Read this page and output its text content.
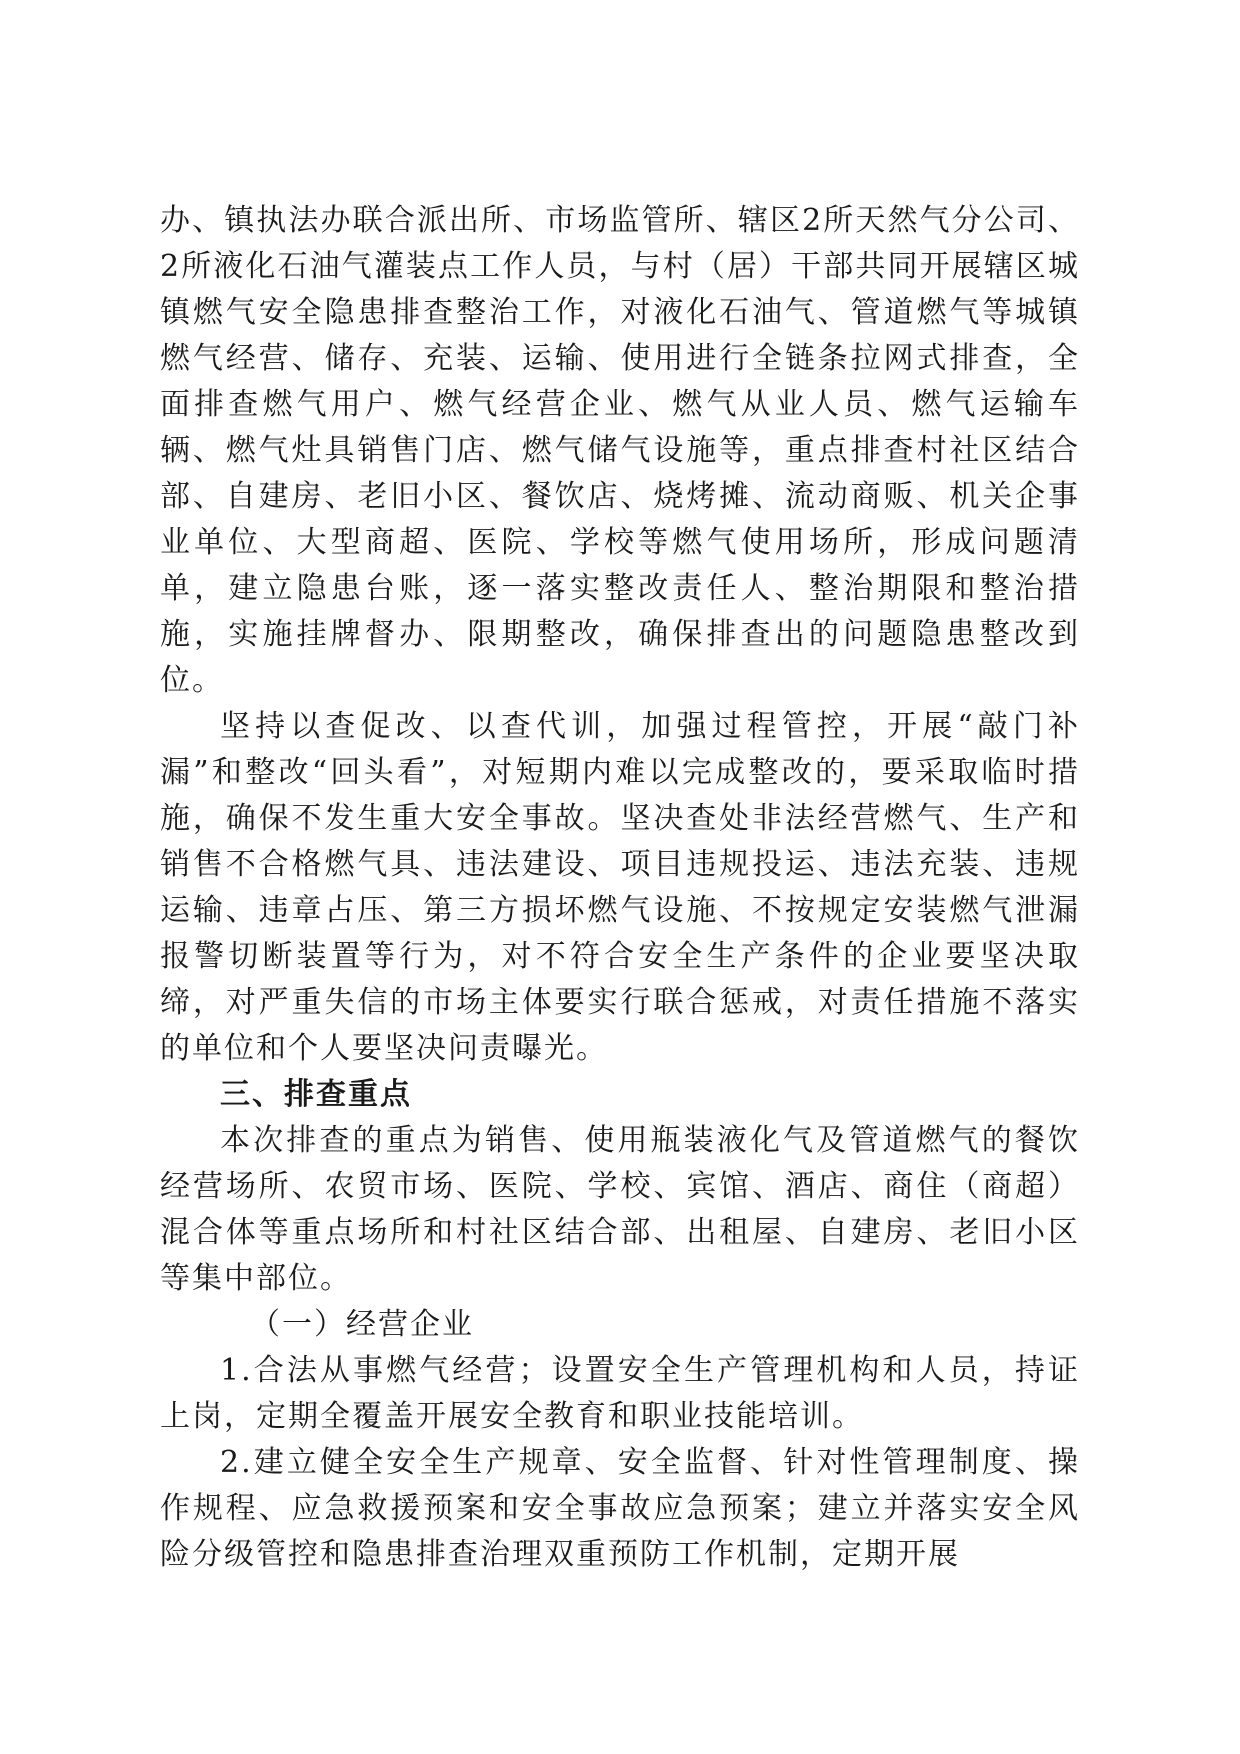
办、镇执法办联合派出所、市场监管所、辖区2所天然气分公司、2所液化石油气灌装点工作人员，与村（居）干部共同开展辖区城镇燃气安全隐患排查整治工作，对液化石油气、管道燃气等城镇燃气经营、储存、充装、运输、使用进行全链条拉网式排查，全面排查燃气用户、燃气经营企业、燃气从业人员、燃气运输车辆、燃气灶具销售门店、燃气储气设施等，重点排查村社区结合部、自建房、老旧小区、餐饮店、烧烤摊、流动商贩、机关企事业单位、大型商超、医院、学校等燃气使用场所，形成问题清单，建立隐患台账，逐一落实整改责任人、整治期限和整治措施，实施挂牌督办、限期整改，确保排查出的问题隐患整改到位。

坚持以查促改、以查代训，加强过程管控，开展“敲门补漏”和整改“回头看”，对短期内难以完成整改的，要采取临时措施，确保不发生重大安全事故。坚决查处非法经营燃气、生产和销售不合格燃气具、违法建设、项目违规投运、违法充装、违规运输、违章占压、第三方损坏燃气设施、不按规定安装燃气泄漏报警切断装置等行为，对不符合安全生产条件的企业要坚决取缔，对严重失信的市场主体要实行联合惩戒，对责任措施不落实的单位和个人要坚决问责曝光。

三、排查重点

本次排查的重点为销售、使用瓶装液化气及管道燃气的餐饮经营场所、农贸市场、医院、学校、宾馆、酒店、商住（商超）混合体等重点场所和村社区结合部、出租屋、自建房、老旧小区等集中部位。

（一）经营企业

1.合法从事燃气经营；设置安全生产管理机构和人员，持证上岗，定期全覆盖开展安全教育和职业技能培训。

2.建立健全安全生产规章、安全监督、针对性管理制度、操作规程、应急救援预案和安全事故应急预案；建立并落实安全风险分级管控和隐患排查治理双重预防工作机制，定期开展
